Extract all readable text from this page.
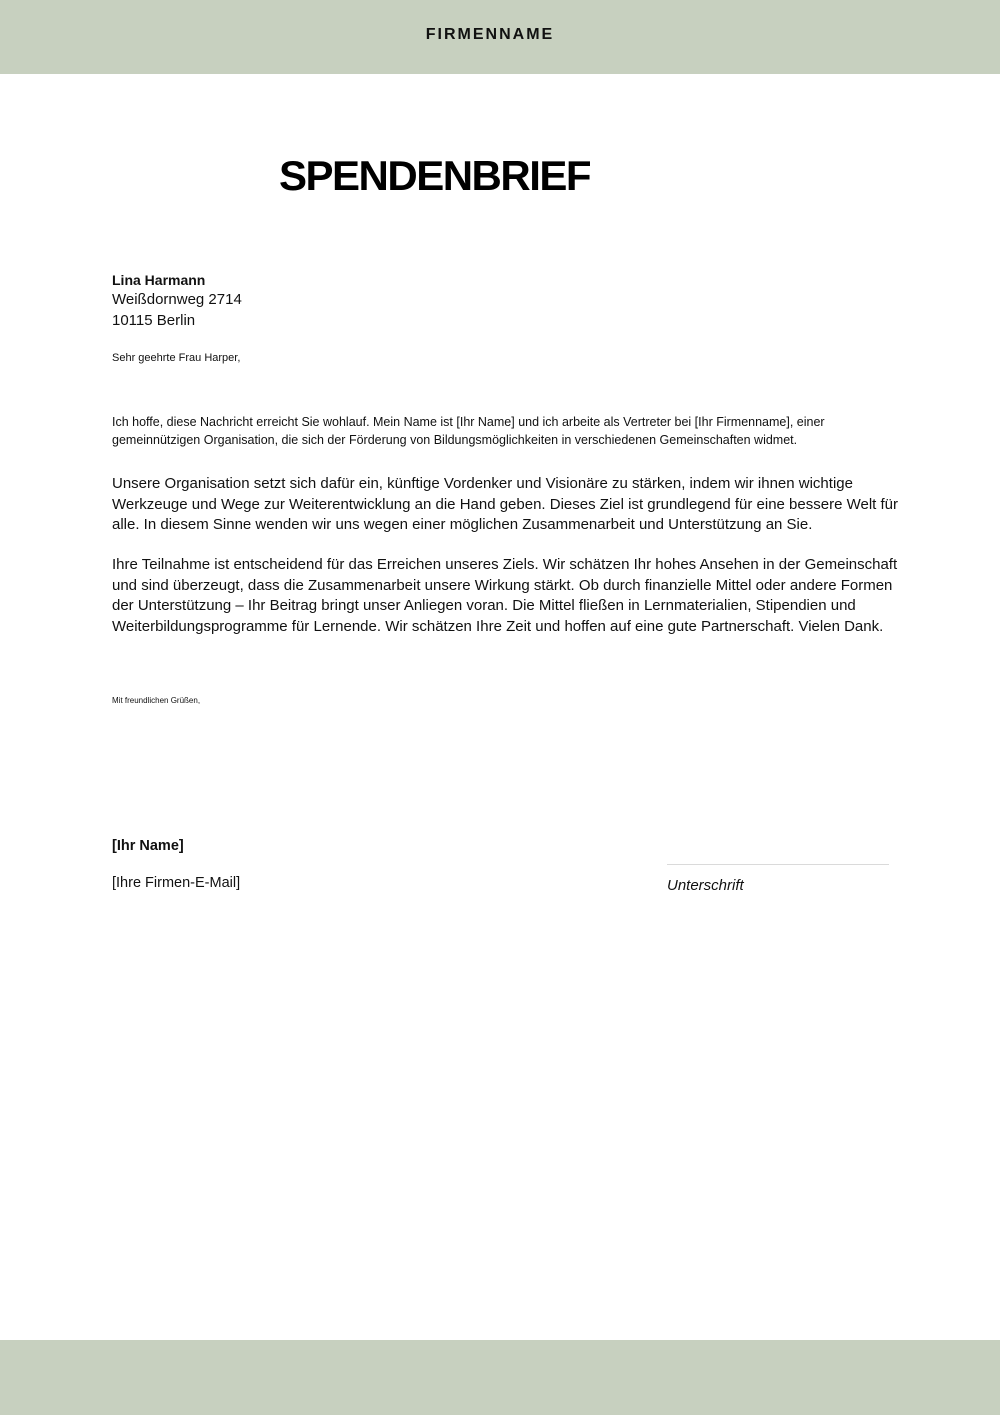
FIRMENNAME
SPENDENBRIEF
Lina Harmann
Weißdornweg 2714
10115 Berlin
Sehr geehrte Frau Harper,

Ich hoffe, diese Nachricht erreicht Sie wohlauf. Mein Name ist [Ihr Name] und ich arbeite als Vertreter bei [Ihr Firmenname], einer gemeinnützigen Organisation, die sich der Förderung von Bildungsmöglichkeiten in verschiedenen Gemeinschaften widmet.

Unsere Organisation setzt sich dafür ein, künftige Vordenker und Visionäre zu stärken, indem wir ihnen wichtige Werkzeuge und Wege zur Weiterentwicklung an die Hand geben. Dieses Ziel ist grundlegend für eine bessere Welt für alle. In diesem Sinne wenden wir uns wegen einer möglichen Zusammenarbeit und Unterstützung an Sie.

Ihre Teilnahme ist entscheidend für das Erreichen unseres Ziels. Wir schätzen Ihr hohes Ansehen in der Gemeinschaft und sind überzeugt, dass die Zusammenarbeit unsere Wirkung stärkt. Ob durch finanzielle Mittel oder andere Formen der Unterstützung – Ihr Beitrag bringt unser Anliegen voran. Die Mittel fließen in Lernmaterialien, Stipendien und Weiterbildungsprogramme für Lernende. Wir schätzen Ihre Zeit und hoffen auf eine gute Partnerschaft. Vielen Dank.

Mit freundlichen Grüßen,
[Ihr Name]
[Ihre Firmen-E-Mail]	Unterschrift
